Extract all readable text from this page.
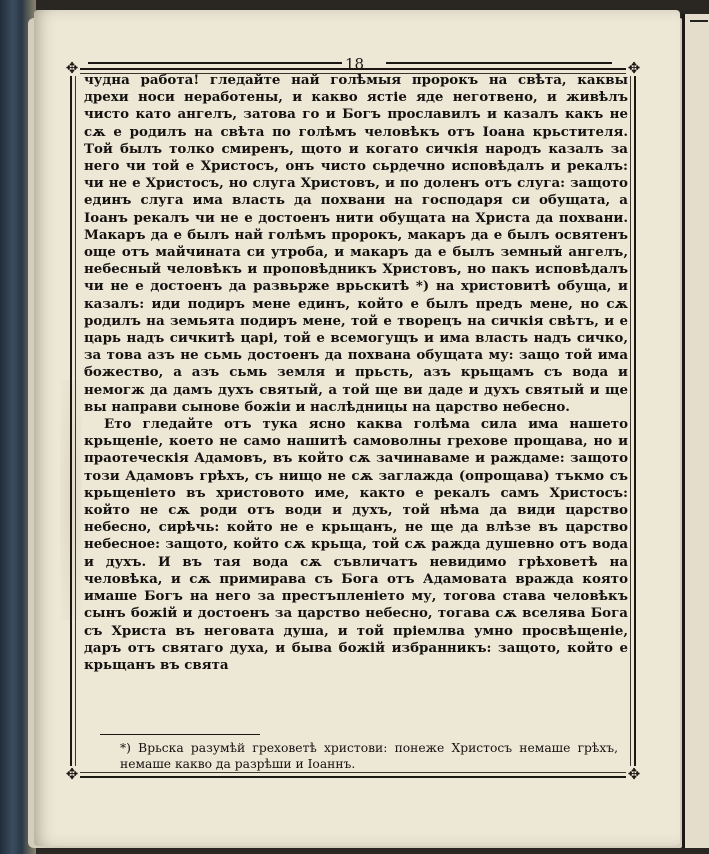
18
✥	✥
✥	✥

чудна работа! гледайте най голѣмыя пророкъ на свѣта, каквы дрехи носи неработены, и какво ястіе яде неготвено, и живѣлъ чисто като ангелъ, затова го и Богъ прославилъ и казалъ какъ не сѫ е родилъ на свѣта по голѣмъ человѣкъ отъ Іоана крьстителя. Той былъ толко смиренъ, щото и когато сичкія народъ казалъ за него чи той е Христосъ, онъ чисто сьрдечно исповѣдалъ и рекалъ: чи не е Христосъ, но слуга Христовъ, и по доленъ отъ слуга: защото единъ слуга има власть да похвани на господаря си обущата, а Іоанъ рекалъ чи не е достоенъ нити обущата на Христа да похвани. Макаръ да е былъ най голѣмъ пророкъ, макаръ да е былъ освятенъ още отъ майчината си утроба, и макаръ да е былъ земный ангелъ, небесный человѣкъ и проповѣдникъ Христовъ, но пакъ исповѣдалъ чи не е достоенъ да развьрже врьскитѣ *) на христовитѣ обуща, и казалъ: иди подиръ мене единъ, който е былъ предъ мене, но сѫ родилъ на земьята подиръ мене, той е творецъ на сичкія свѣтъ, и е царь надъ сичкитѣ царі, той е всемогущъ и има власть надъ сичко, за това азъ не сьмь достоенъ да похвана обущата му: защо той има божество, а азъ сьмь земля и прьсть, азъ крьщамъ съ вода и немогж да дамъ духъ святый, а той ще ви даде и духъ святый и ще вы направи сынове божіи и наслѣдницы на царство небесно.

Ето гледайте отъ тука ясно каква голѣма сила има нашето крьщеніе, което не само нашитѣ самоволны грехове прощава, но и праотеческія Адамовъ, въ който сѫ зачинаваме и раждаме: защото този Адамовъ грѣхъ, съ нищо не сѫ заглажда (опрощава) тъкмо съ крьщеніето въ христовото име, както е рекалъ самъ Христосъ: който не сѫ роди отъ води и духъ, той нѣма да види царство небесно, сирѣчь: който не е крьщанъ, не ще да влѣзе въ царство небесное: защото, който сѫ крьща, той сѫ ражда душевно отъ вода и духъ. И въ тая вода сѫ съвличатъ невидимо грѣховетѣ на человѣка, и сѫ примирава съ Бога отъ Адамовата вражда която имаше Богъ на него за престъпленіето му, тогова става человѣкъ сынъ божій и достоенъ за царство небесно, тогава сѫ вселява Бога съ Христа въ неговата душа, и той пріемлва умно просвѣщеніе, даръ отъ святаго духа, и быва божій избранникъ: защото, който е крьщанъ въ свята

*) Врьска разумѣй греховетѣ христови: понеже Христосъ немаше грѣхъ, немаше какво да разрѣши и Іоаннъ.
